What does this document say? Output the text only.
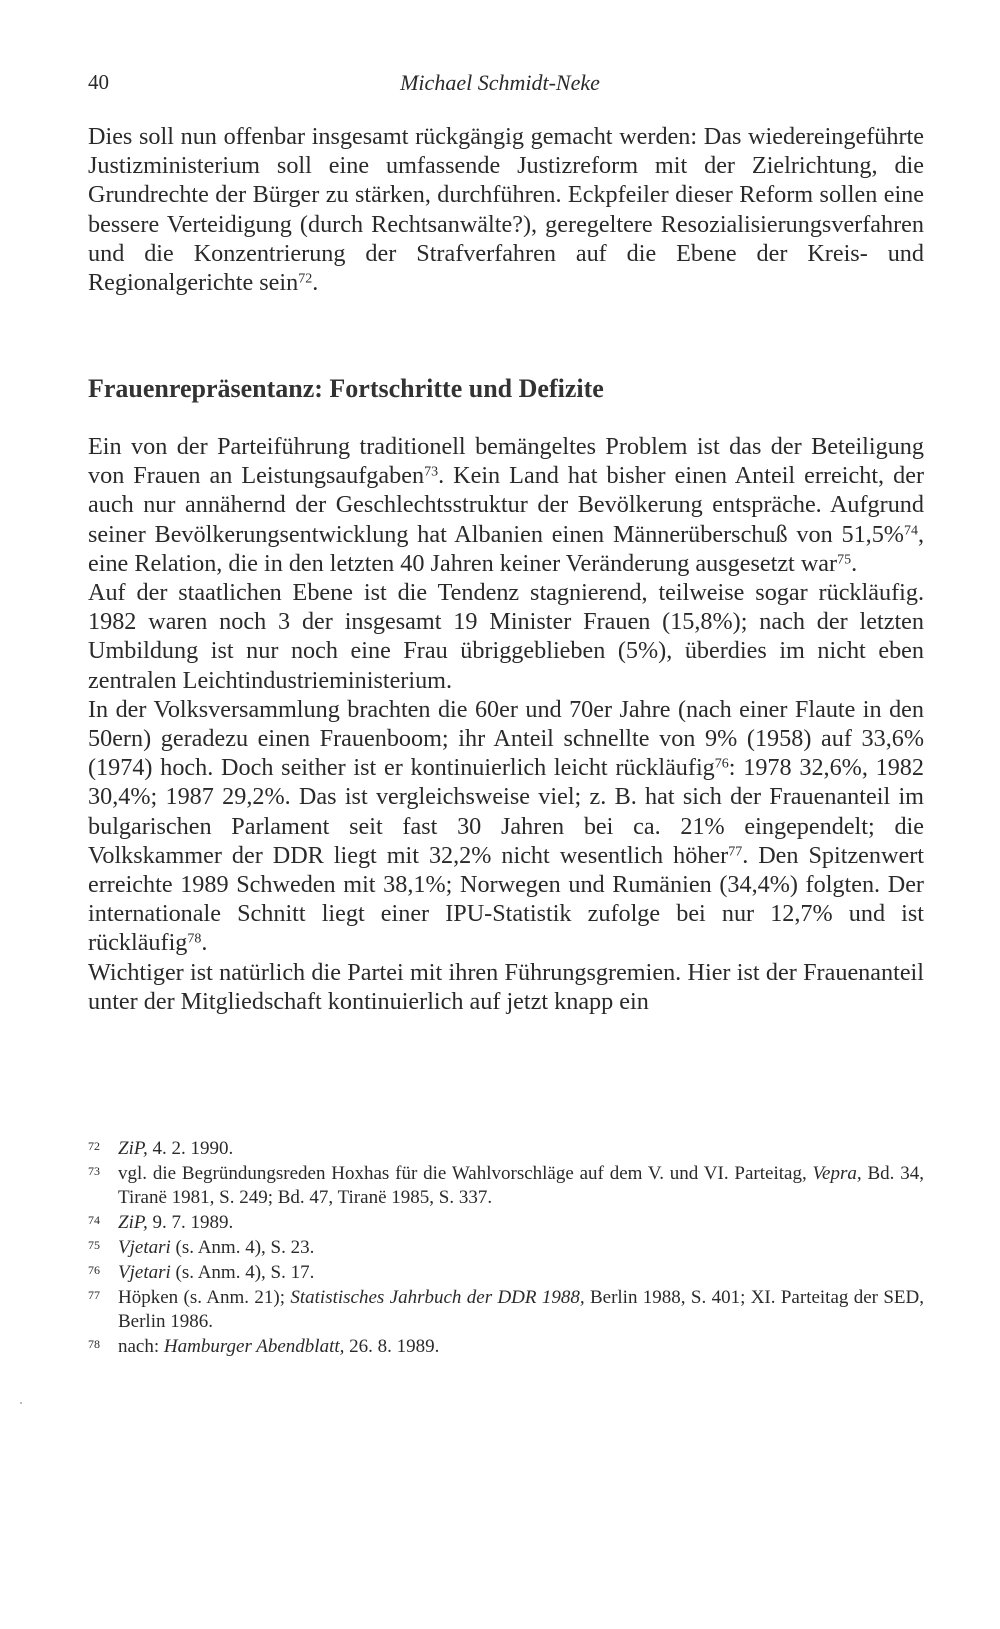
40	Michael Schmidt-Neke

Dies soll nun offenbar insgesamt rückgängig gemacht werden: Das wiedereingeführte Justizministerium soll eine umfassende Justizreform mit der Zielrichtung, die Grundrechte der Bürger zu stärken, durchführen. Eckpfeiler dieser Reform sollen eine bessere Verteidigung (durch Rechtsanwälte?), geregeltere Resozialisierungsverfahren und die Konzentrierung der Strafverfahren auf die Ebene der Kreis- und Regionalgerichte sein$^{72}$.

Frauenrepräsentanz: Fortschritte und Defizite

Ein von der Parteiführung traditionell bemängeltes Problem ist das der Beteiligung von Frauen an Leistungsaufgaben$^{73}$. Kein Land hat bisher einen Anteil erreicht, der auch nur annähernd der Geschlechtsstruktur der Bevölkerung entspräche. Aufgrund seiner Bevölkerungsentwicklung hat Albanien einen Männerüberschuß von 51,5%$^{74}$, eine Relation, die in den letzten 40 Jahren keiner Veränderung ausgesetzt war$^{75}$.

Auf der staatlichen Ebene ist die Tendenz stagnierend, teilweise sogar rückläufig. 1982 waren noch 3 der insgesamt 19 Minister Frauen (15,8%); nach der letzten Umbildung ist nur noch eine Frau übriggeblieben (5%), überdies im nicht eben zentralen Leichtindustrieministerium.

In der Volksversammlung brachten die 60er und 70er Jahre (nach einer Flaute in den 50ern) geradezu einen Frauenboom; ihr Anteil schnellte von 9% (1958) auf 33,6% (1974) hoch. Doch seither ist er kontinuierlich leicht rückläufig$^{76}$: 1978 32,6%, 1982 30,4%; 1987 29,2%. Das ist vergleichsweise viel; z. B. hat sich der Frauenanteil im bulgarischen Parlament seit fast 30 Jahren bei ca. 21% eingependelt; die Volkskammer der DDR liegt mit 32,2% nicht wesentlich höher$^{77}$. Den Spitzenwert erreichte 1989 Schweden mit 38,1%; Norwegen und Rumänien (34,4%) folgten. Der internationale Schnitt liegt einer IPU-Statistik zufolge bei nur 12,7% und ist rückläufig$^{78}$.

Wichtiger ist natürlich die Partei mit ihren Führungsgremien. Hier ist der Frauenanteil unter der Mitgliedschaft kontinuierlich auf jetzt knapp ein

72 ZiP, 4. 2. 1990.
73 vgl. die Begründungsreden Hoxhas für die Wahlvorschläge auf dem V. und VI. Parteitag, Vepra, Bd. 34, Tiranë 1981, S. 249; Bd. 47, Tiranë 1985, S. 337.
74 ZiP, 9. 7. 1989.
75 Vjetari (s. Anm. 4), S. 23.
76 Vjetari (s. Anm. 4), S. 17.
77 Höpken (s. Anm. 21); Statistisches Jahrbuch der DDR 1988, Berlin 1988, S. 401; XI. Parteitag der SED, Berlin 1986.
78 nach: Hamburger Abendblatt, 26. 8. 1989.
